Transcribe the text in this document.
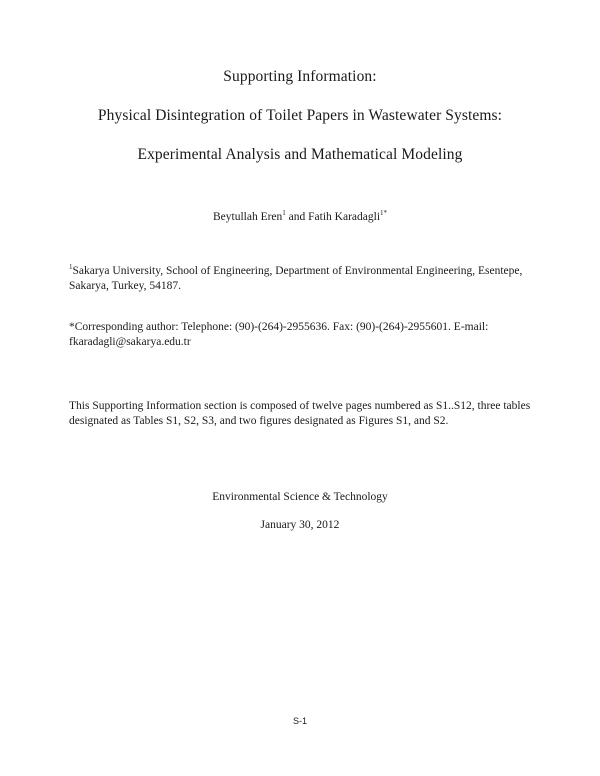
Supporting Information:
Physical Disintegration of Toilet Papers in Wastewater Systems:
Experimental Analysis and Mathematical Modeling
Beytullah Eren$^1$ and Fatih Karadagli$^{1*}$
$^1$Sakarya University, School of Engineering, Department of Environmental Engineering, Esentepe, Sakarya, Turkey, 54187.
*Corresponding author: Telephone: (90)-(264)-2955636. Fax: (90)-(264)-2955601. E-mail: fkaradagli@sakarya.edu.tr
This Supporting Information section is composed of twelve pages numbered as S1..S12, three tables designated as Tables S1, S2, S3, and two figures designated as Figures S1, and S2.
Environmental Science & Technology
January 30, 2012
S-1
